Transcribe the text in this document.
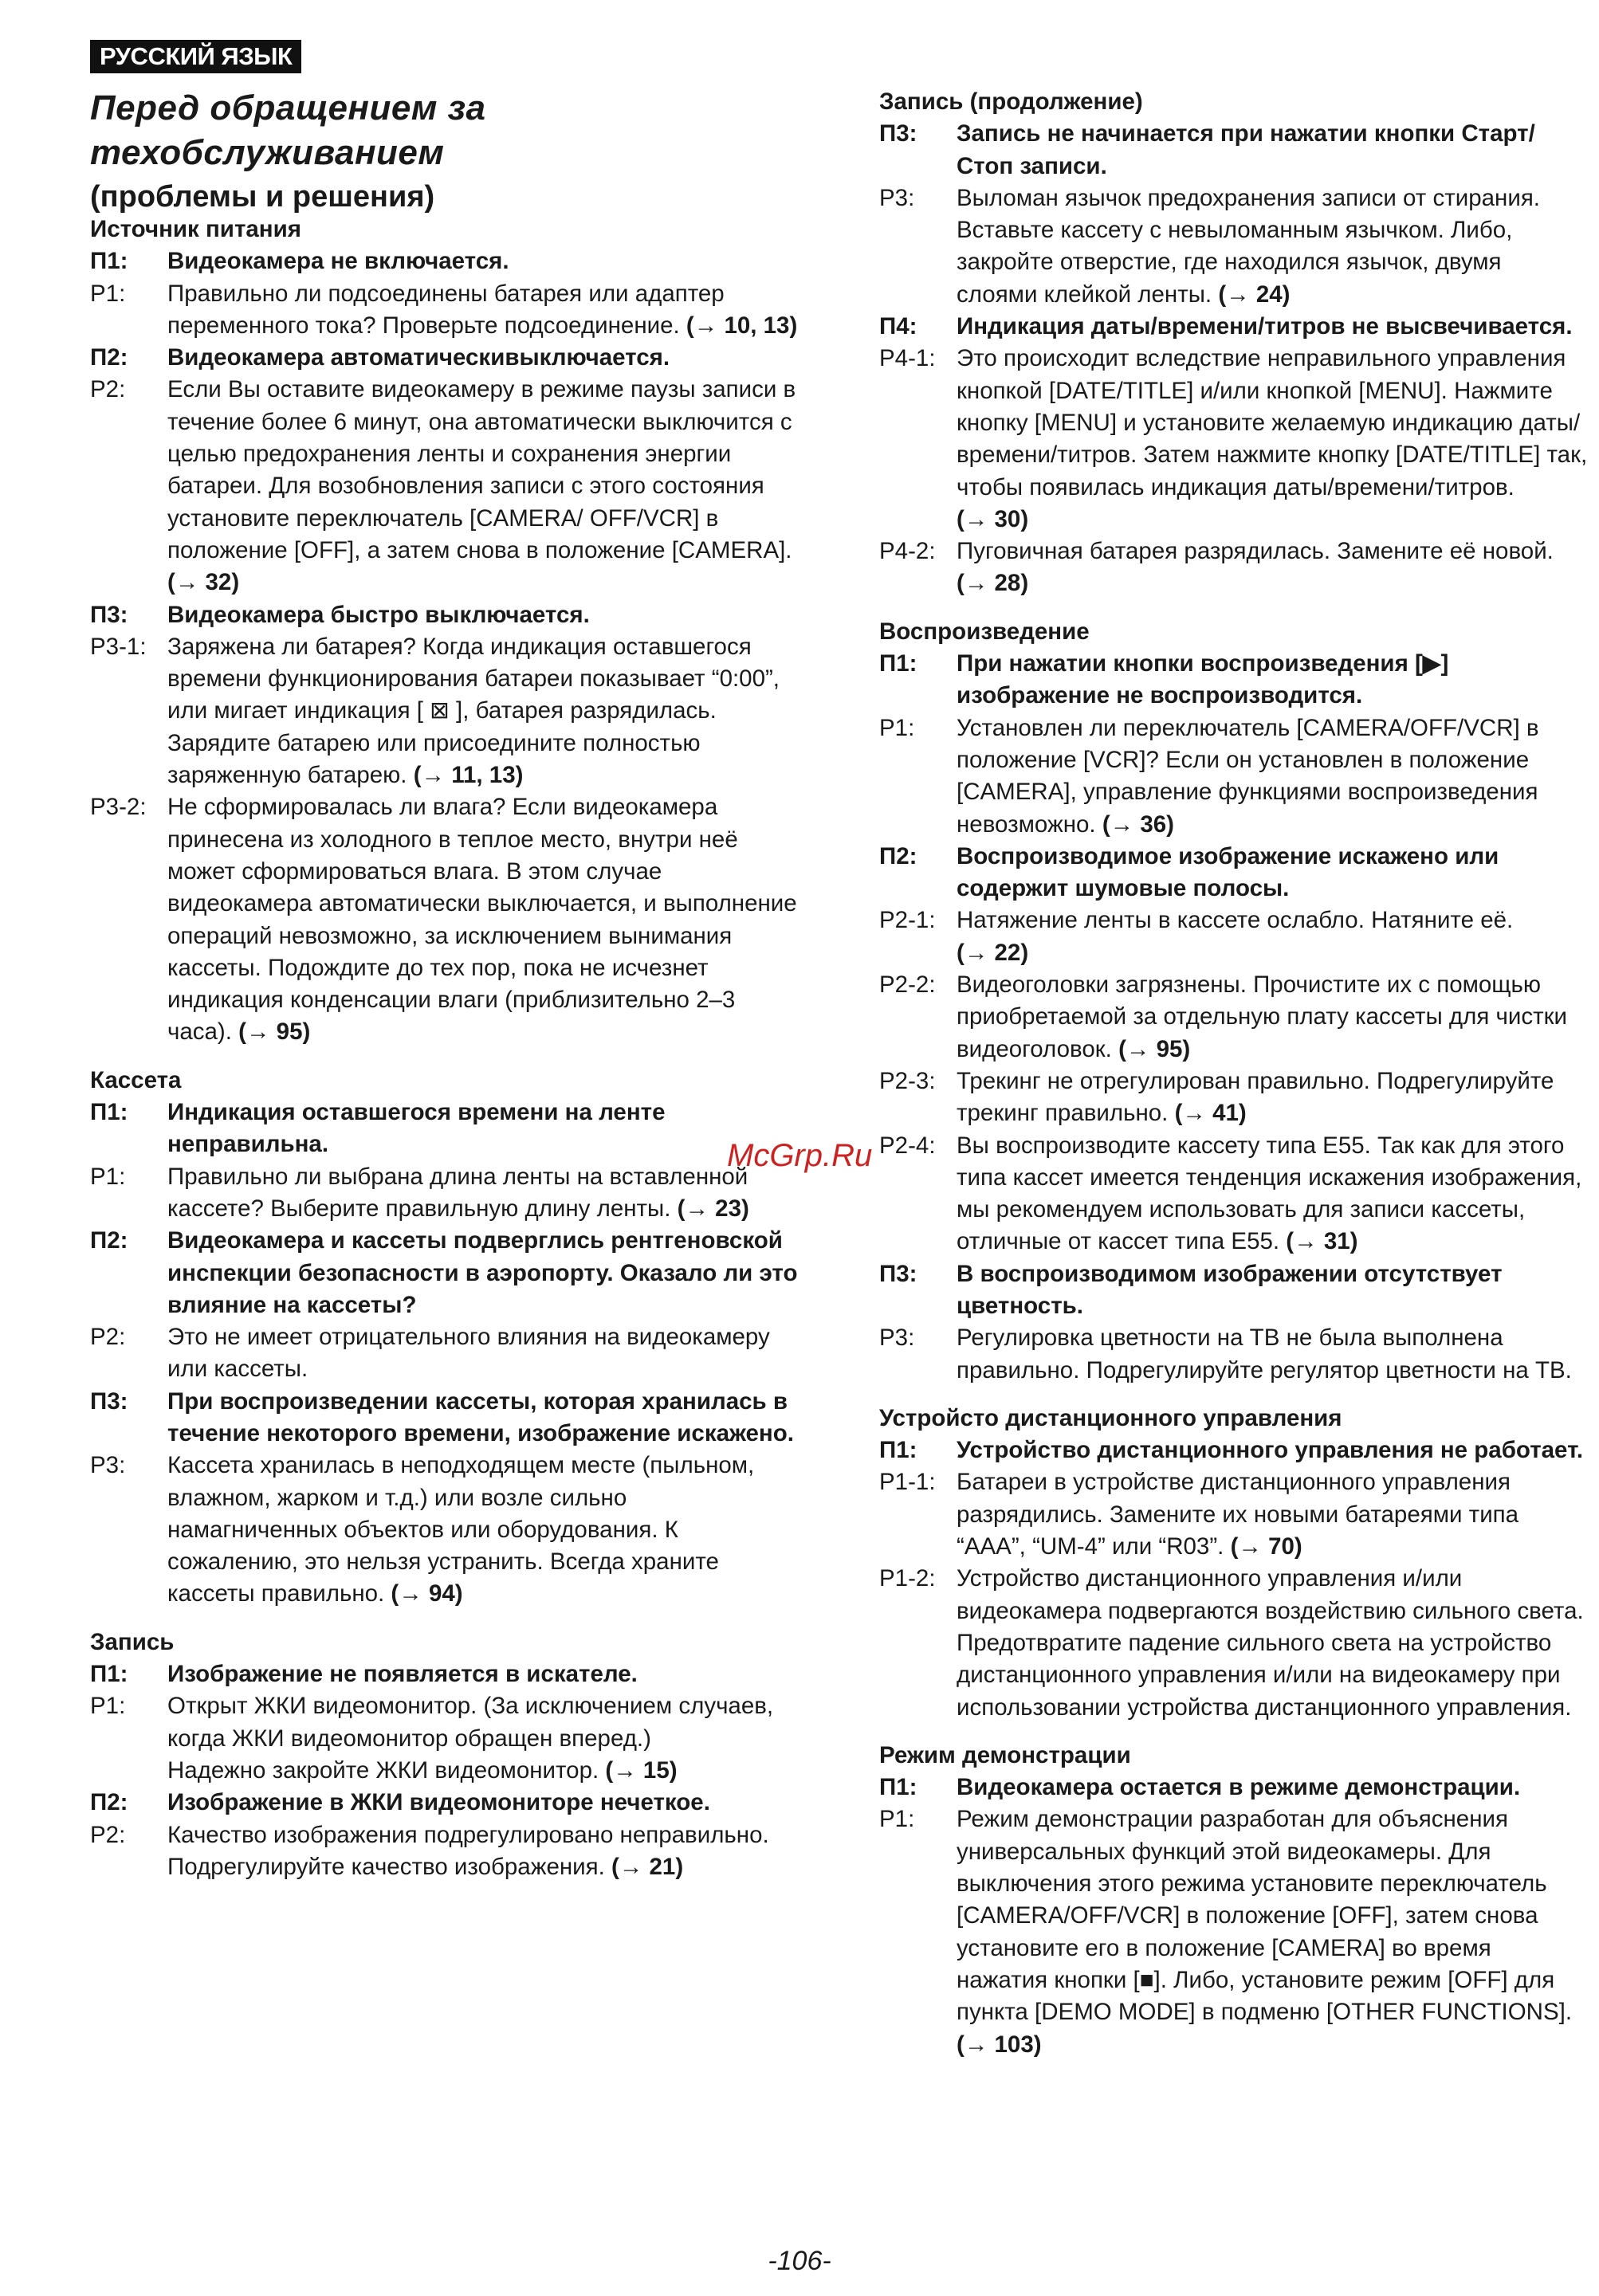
РУССКИЙ ЯЗЫК
Перед обращением за
техобслуживанием
(проблемы и решения)
Источник питания
П1:	Видеокамера не включается.
P1:	Правильно ли подсоединены батарея или адаптер переменного тока? Проверьте подсоединение. (→ 10, 13)
П2:	Видеокамера автоматическивыключается.
P2:	Если Вы оставите видеокамеру в режиме паузы записи в течение более 6 минут, она автоматически выключится с целью предохранения ленты и сохранения энергии батареи. Для возобновления записи с этого состояния установите переключатель [CAMERA/ OFF/VCR] в положение [OFF], а затем снова в положение [CAMERA]. (→ 32)
П3:	Видеокамера быстро выключается.
P3-1: Заряжена ли батарея? Когда индикация оставшегося времени функционирования батареи показывает “0:00”, или мигает индикация [ ⊠ ], батарея разрядилась. Зарядите батарею или присоедините полностью заряженную батарею. (→ 11, 13)
P3-2: Не сформировалась ли влага? Если видеокамера принесена из холодного в теплое место, внутри неё может сформироваться влага. В этом случае видеокамера автоматически выключается, и выполнение операций невозможно, за исключением вынимания кассеты. Подождите до тех пор, пока не исчезнет индикация конденсации влаги (приблизительно 2–3 часа). (→ 95)
Кассета
П1:	Индикация оставшегося времени на ленте неправильна.
P1:	Правильно ли выбрана длина ленты на вставленной кассете? Выберите правильную длину ленты. (→ 23)
П2:	Видеокамера и кассеты подверглись рентгеновской инспекции безопасности в аэропорту. Оказало ли это влияние на кассеты?
P2:	Это не имеет отрицательного влияния на видеокамеру или кассеты.
П3:	При воспроизведении кассеты, которая хранилась в течение некоторого времени, изображение искажено.
P3:	Кассета хранилась в неподходящем месте (пыльном, влажном, жарком и т.д.) или возле сильно намагниченных объектов или оборудования. К сожалению, это нельзя устранить. Всегда храните кассеты правильно. (→ 94)
Запись
П1:	Изображение не появляется в искателе.
P1:	Открыт ЖКИ видеомонитор. (За исключением случаев, когда ЖКИ видеомонитор обращен вперед.)
Надежно закройте ЖКИ видеомонитор. (→ 15)
П2:	Изображение в ЖКИ видеомониторе нечеткое.
P2:	Качество изображения подрегулировано неправильно.
Подрегулируйте качество изображения. (→ 21)
Запись (продолжение)
П3:	Запись не начинается при нажатии кнопки Старт/Стоп записи.
P3:	Выломан язычок предохранения записи от стирания. Вставьте кассету с невыломанным язычком. Либо, закройте отверстие, где находился язычок, двумя слоями клейкой ленты. (→ 24)
П4:	Индикация даты/времени/титров не высвечивается.
P4-1: Это происходит вследствие неправильного управления кнопкой [DATE/TITLE] и/или кнопкой [MENU]. Нажмите кнопку [MENU] и установите желаемую индикацию даты/времени/титров. Затем нажмите кнопку [DATE/TITLE] так, чтобы появилась индикация даты/времени/титров. (→ 30)
P4-2: Пуговичная батарея разрядилась. Замените её новой. (→ 28)
Воспроизведение
П1:	При нажатии кнопки воспроизведения [▶] изображение не воспроизводится.
P1:	Установлен ли переключатель [CAMERA/OFF/VCR] в положение [VCR]? Если он установлен в положение [CAMERA], управление функциями воспроизведения невозможно. (→ 36)
П2:	Воспроизводимое изображение искажено или содержит шумовые полосы.
P2-1: Натяжение ленты в кассете ослабло. Натяните её. (→ 22)
P2-2: Видеоголовки загрязнены. Прочистите их с помощью приобретаемой за отдельную плату кассеты для чистки видеоголовок. (→ 95)
P2-3: Трекинг не отрегулирован правильно. Подрегулируйте трекинг правильно. (→ 41)
P2-4: Вы воспроизводите кассету типа E55. Так как для этого типа кассет имеется тенденция искажения изображения, мы рекомендуем использовать для записи кассеты, отличные от кассет типа E55. (→ 31)
П3:	В воспроизводимом изображении отсутствует цветность.
P3:	Регулировка цветности на ТВ не была выполнена правильно. Подрегулируйте регулятор цветности на ТВ.
Устройсто дистанционного управления
П1:	Устройство дистанционного управления не работает.
P1-1: Батареи в устройстве дистанционного управления разрядились. Замените их новыми батареями типа “AAA”, “UM-4” или “R03”. (→ 70)
P1-2: Устройство дистанционного управления и/или видеокамера подвергаются воздействию сильного света. Предотвратите падение сильного света на устройство дистанционного управления и/или на видеокамеру при использовании устройства дистанционного управления.
Режим демонстрации
П1:	Видеокамера остается в режиме демонстрации.
P1:	Режим демонстрации разработан для объяснения универсальных функций этой видеокамеры. Для выключения этого режима установите переключатель [CAMERA/OFF/VCR] в положение [OFF], затем снова установите его в положение [CAMERA] во время нажатия кнопки [■]. Либо, установите режим [OFF] для пункта [DEMO MODE] в подменю [OTHER FUNCTIONS]. (→ 103)
McGrp.Ru
-106-
